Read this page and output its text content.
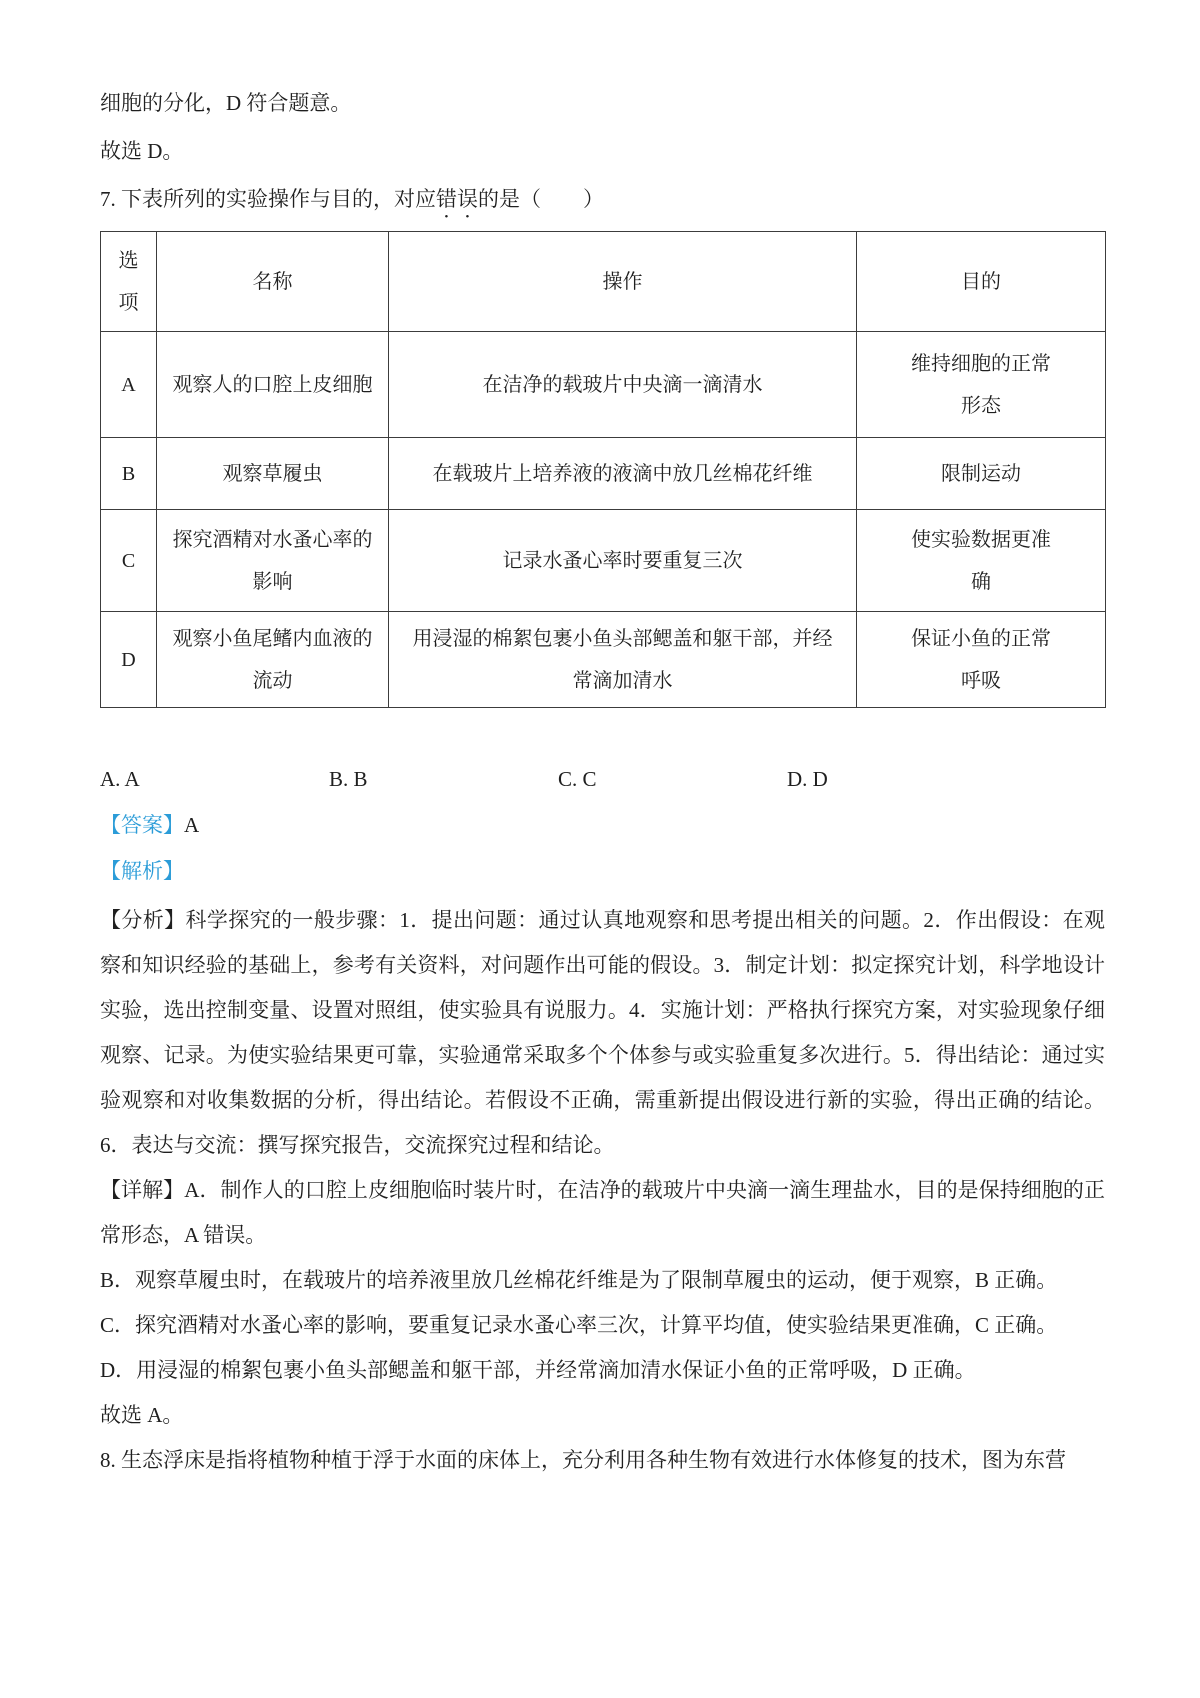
细胞的分化，D 符合题意。

故选 D。

7. 下表所列的实验操作与目的，对应错误的是（　　）

选项	名称	操作	目的
A	观察人的口腔上皮细胞	在洁净的载玻片中央滴一滴清水	维持细胞的正常形态
B	观察草履虫	在载玻片上培养液的液滴中放几丝棉花纤维	限制运动
C	探究酒精对水蚤心率的影响	记录水蚤心率时要重复三次	使实验数据更准确
D	观察小鱼尾鳍内血液的流动	用浸湿的棉絮包裹小鱼头部鳃盖和躯干部，并经常滴加清水	保证小鱼的正常呼吸
A. A	B. B	C. C	D. D

【答案】A

【解析】

【分析】科学探究的一般步骤：1．提出问题：通过认真地观察和思考提出相关的问题。2．作出假设：在观察和知识经验的基础上，参考有关资料，对问题作出可能的假设。3．制定计划：拟定探究计划，科学地设计实验，选出控制变量、设置对照组，使实验具有说服力。4．实施计划：严格执行探究方案，对实验现象仔细观察、记录。为使实验结果更可靠，实验通常采取多个个体参与或实验重复多次进行。5．得出结论：通过实验观察和对收集数据的分析，得出结论。若假设不正确，需重新提出假设进行新的实验，得出正确的结论。6．表达与交流：撰写探究报告，交流探究过程和结论。

【详解】A．制作人的口腔上皮细胞临时装片时，在洁净的载玻片中央滴一滴生理盐水，目的是保持细胞的正常形态，A 错误。

B．观察草履虫时，在载玻片的培养液里放几丝棉花纤维是为了限制草履虫的运动，便于观察，B 正确。

C．探究酒精对水蚤心率的影响，要重复记录水蚤心率三次，计算平均值，使实验结果更准确，C 正确。

D．用浸湿的棉絮包裹小鱼头部鳃盖和躯干部，并经常滴加清水保证小鱼的正常呼吸，D 正确。

故选 A。

8. 生态浮床是指将植物种植于浮于水面的床体上，充分利用各种生物有效进行水体修复的技术，图为东营
